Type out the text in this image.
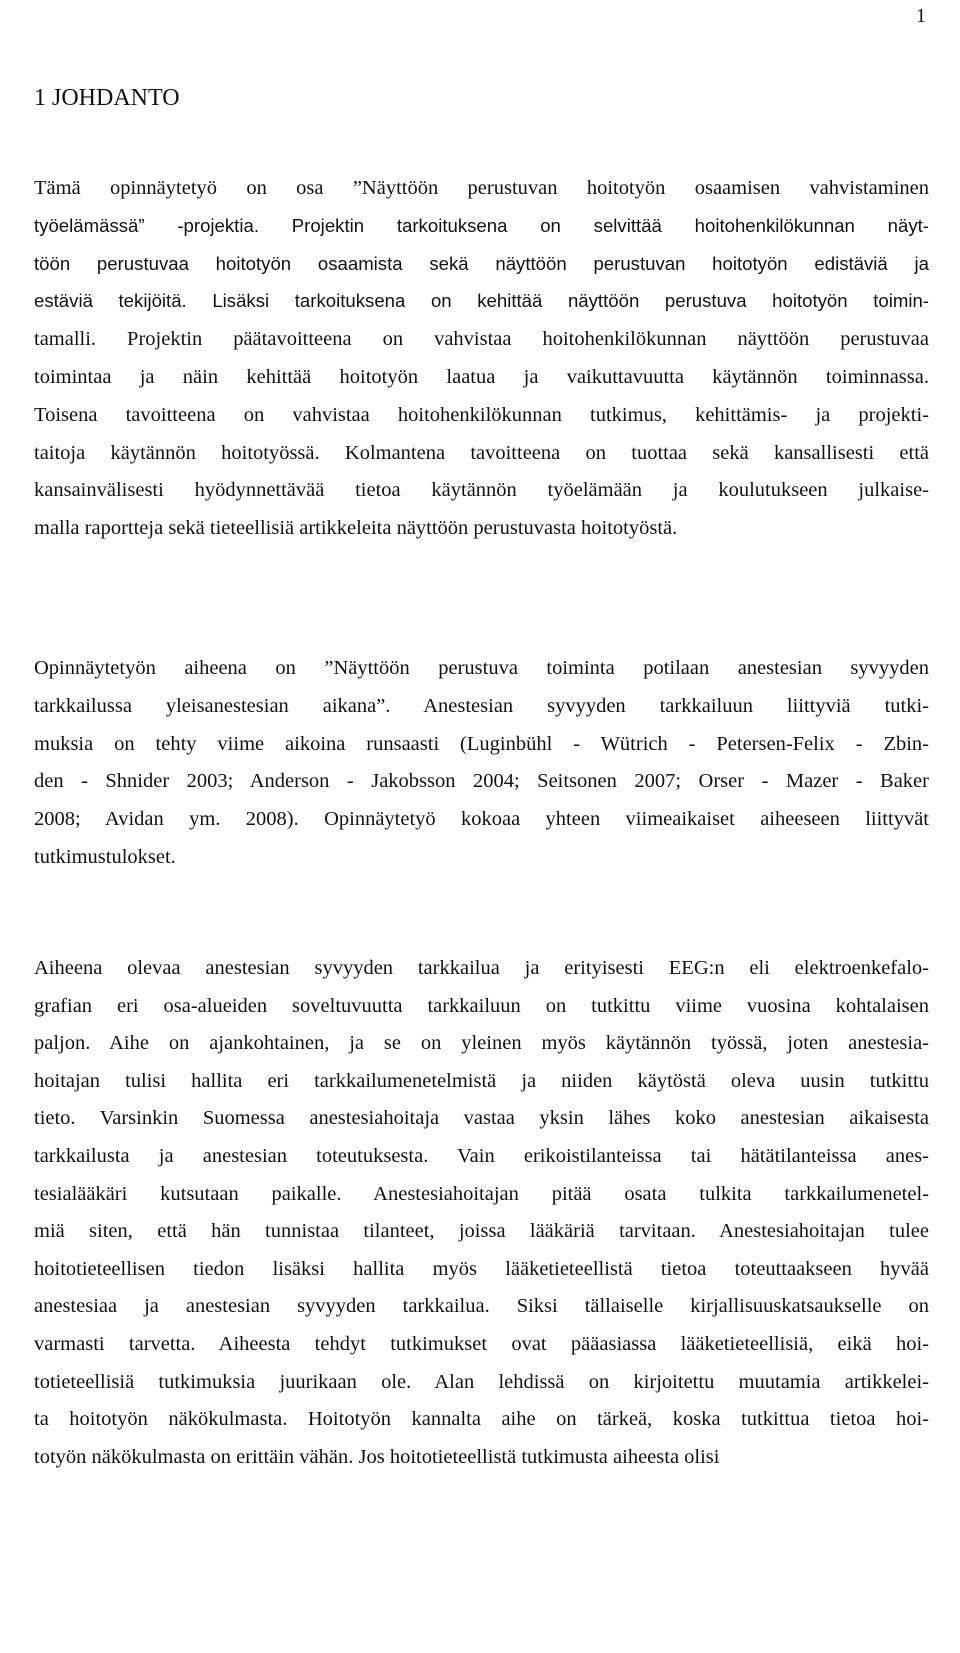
1
1 JOHDANTO
Tämä opinnäytetyö on osa ”Näyttöön perustuvan hoitotyön osaamisen vahvistaminen
työelämässä” -projektia. Projektin tarkoituksena on selvittää hoitohenkilökunnan näyt-
töön perustuvaa hoitotyön osaamista sekä näyttöön perustuvan hoitotyön edistäviä ja
estäviä tekijöitä. Lisäksi tarkoituksena on kehittää näyttöön perustuva hoitotyön toimin-
tamalli. Projektin päätavoitteena on vahvistaa hoitohenkilökunnan näyttöön perustuvaa
toimintaa ja näin kehittää hoitotyön laatua ja vaikuttavuutta käytännön toiminnassa.
Toisena tavoitteena on vahvistaa hoitohenkilökunnan tutkimus, kehittämis- ja projekti-
taitoja käytännön hoitotyössä. Kolmantena tavoitteena on tuottaa sekä kansallisesti että
kansainvälisesti hyödynnettävää tietoa käytännön työelämään ja koulutukseen julkaise-
malla raportteja sekä tieteellisiä artikkeleita näyttöön perustuvasta hoitotyöstä.
Opinnäytetyön aiheena on ”Näyttöön perustuva toiminta potilaan anestesian syvyyden
tarkkailussa yleisanestesian aikana”. Anestesian syvyyden tarkkailuun liittyviä tutki-
muksia on tehty viime aikoina runsaasti (Luginbühl - Wütrich - Petersen-Felix - Zbin-
den - Shnider 2003; Anderson - Jakobsson 2004; Seitsonen 2007; Orser - Mazer - Baker
2008; Avidan ym. 2008). Opinnäytetyö kokoaa yhteen viimeaikaiset aiheeseen liittyvät
tutkimustulokset.
Aiheena olevaa anestesian syvyyden tarkkailua ja erityisesti EEG:n eli elektroenkefalo-
grafian eri osa-alueiden soveltuvuutta tarkkailuun on tutkittu viime vuosina kohtalaisen
paljon. Aihe on ajankohtainen, ja se on yleinen myös käytännön työssä, joten anestesia-
hoitajan tulisi hallita eri tarkkailumenetelmistä ja niiden käytöstä oleva uusin tutkittu
tieto. Varsinkin Suomessa anestesiahoitaja vastaa yksin lähes koko anestesian aikaisesta
tarkkailusta ja anestesian toteutuksesta. Vain erikoistilanteissa tai hätätilanteissa anes-
tesialääkäri kutsutaan paikalle. Anestesiahoitajan pitää osata tulkita tarkkailumenetel-
miä siten, että hän tunnistaa tilanteet, joissa lääkäriä tarvitaan. Anestesiahoitajan tulee
hoitotieteellisen tiedon lisäksi hallita myös lääketieteellistä tietoa toteuttaakseen hyvää
anestesiaa ja anestesian syvyyden tarkkailua. Siksi tällaiselle kirjallisuuskatsaukselle on
varmasti tarvetta. Aiheesta tehdyt tutkimukset ovat pääasiassa lääketieteellisiä, eikä hoi-
totieteellisiä tutkimuksia juurikaan ole. Alan lehdissä on kirjoitettu muutamia artikkelei-
ta hoitotyön näkökulmasta. Hoitotyön kannalta aihe on tärkeä, koska tutkittua tietoa hoi-
totyön näkökulmasta on erittäin vähän. Jos hoitotieteellistä tutkimusta aiheesta olisi
